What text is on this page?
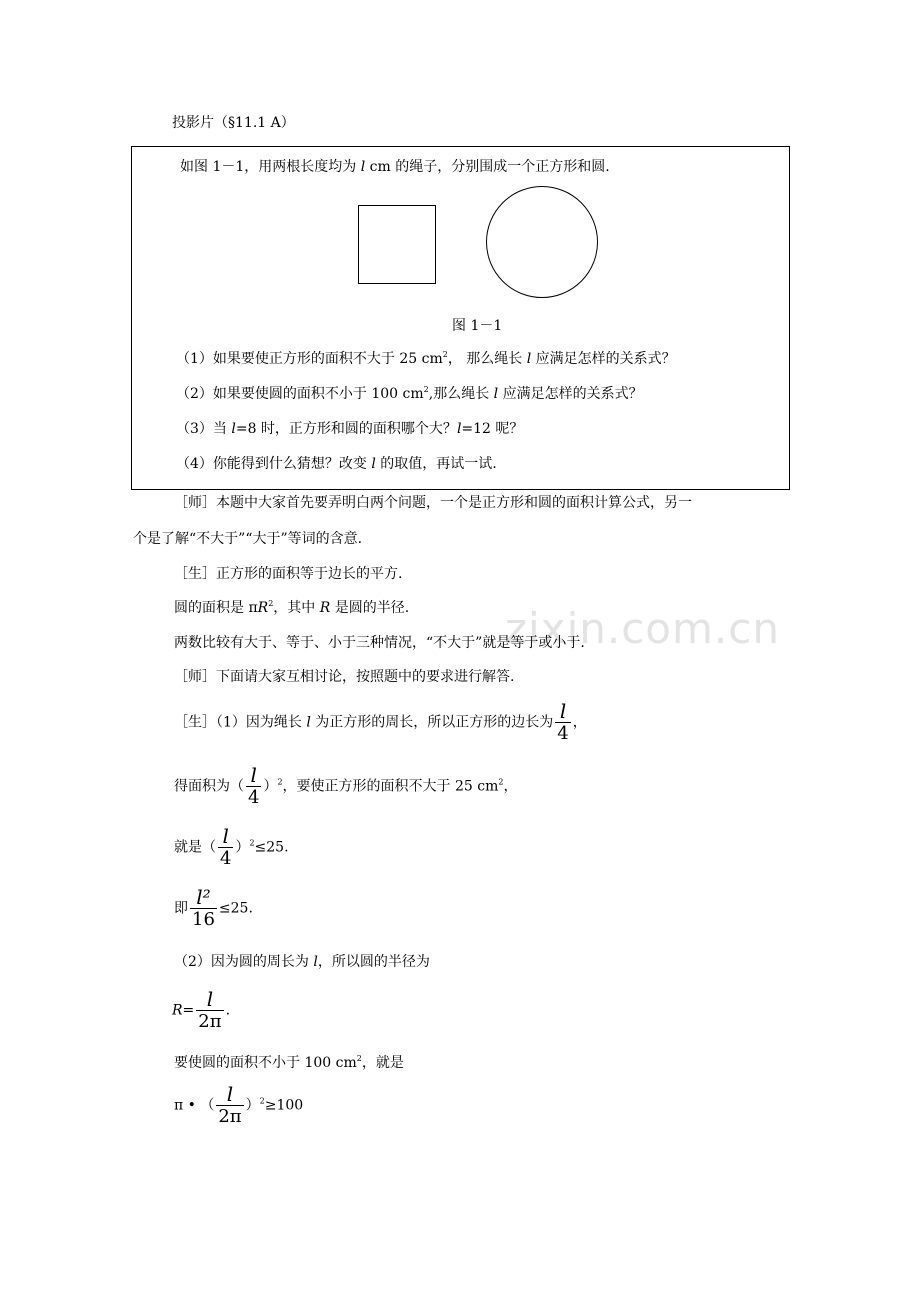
zixin.com.cn
投影片（§11.1 A）
如图 1－1，用两根长度均为 l cm 的绳子，分别围成一个正方形和圆.
图 1－1
（1）如果要使正方形的面积不大于 25 $cm^2$， 那么绳长 l 应满足怎样的关系式？
（2）如果要使圆的面积不小于 100 $cm^2$,那么绳长 l 应满足怎样的关系式？
（3）当 l=8 时，正方形和圆的面积哪个大？l=12 呢？
（4）你能得到什么猜想？改变 l 的取值，再试一试.
［师］本题中大家首先要弄明白两个问题，一个是正方形和圆的面积计算公式，另一
个是了解“不大于”“大于”等词的含意.
［生］正方形的面积等于边长的平方.
圆的面积是 $\pi R^2$，其中 R 是圆的半径.
两数比较有大于、等于、小于三种情况，“不大于”就是等于或小于.
［师］下面请大家互相讨论，按照题中的要求进行解答.
［生］（1）因为绳长 l 为正方形的周长，所以正方形的边长为 $\frac{l}{4}$ ，
得面积为（ $\frac{l}{4} )^2$，要使正方形的面积不大于 25 $cm^2$，
就是（ $\frac{l}{4} )^2\le 25$.
即 $\frac{\text{l²}}{16} \le 25$.
（2）因为圆的周长为 l，所以圆的半径为
$R= \frac{l}{2\pi}$ .
要使圆的面积不小于 100 $cm^2$，就是
π • （ $\frac{l}{2\pi} )^2\ge 100$
